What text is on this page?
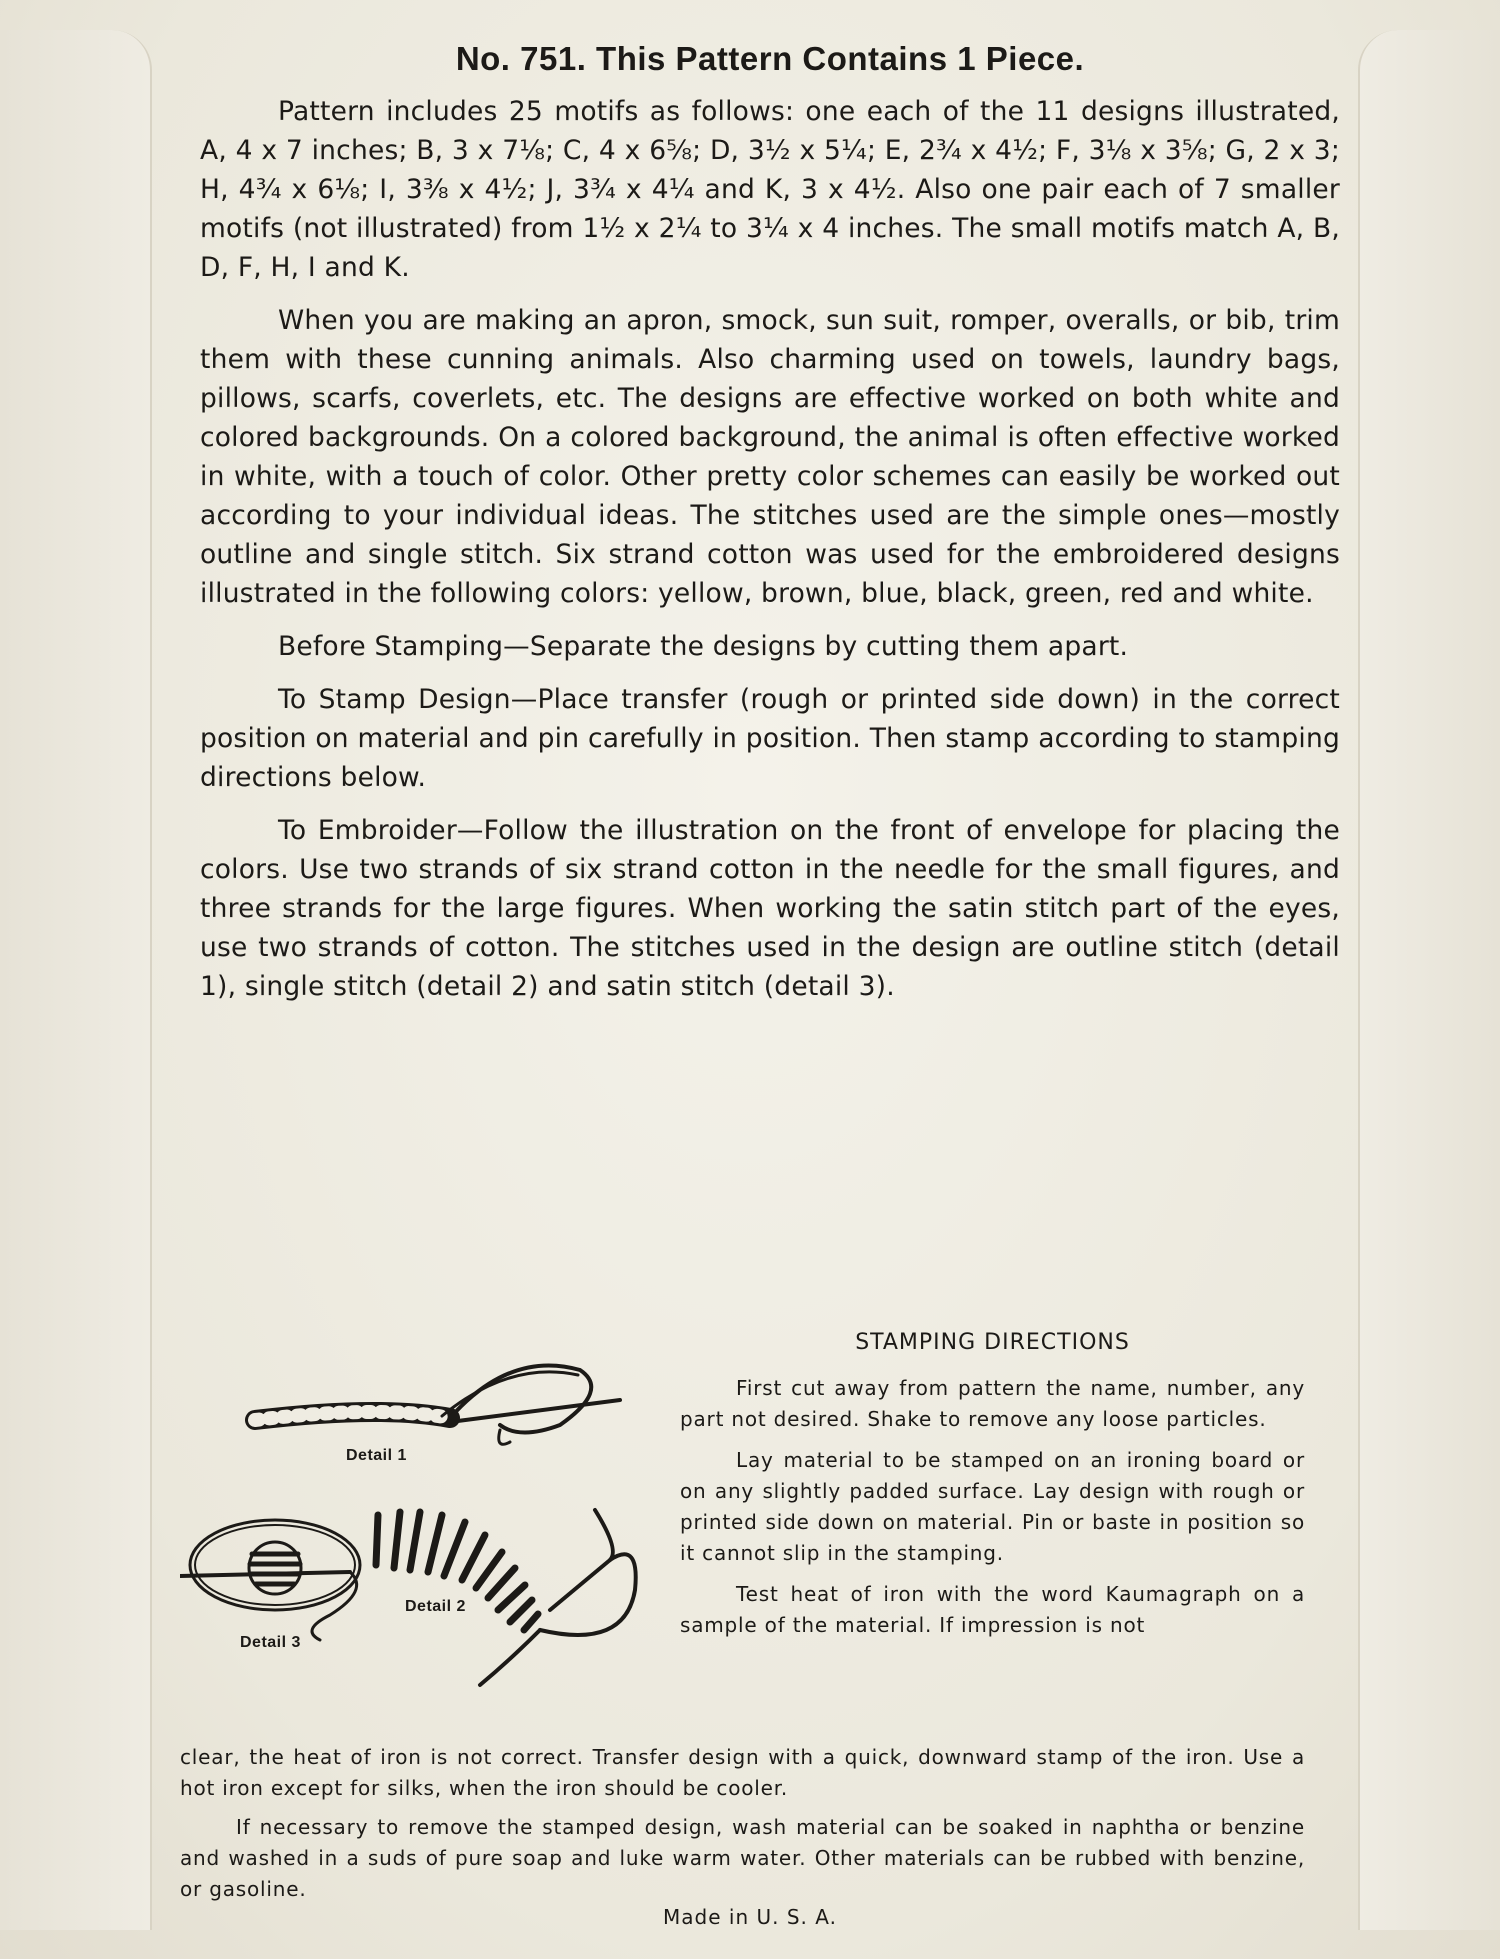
No. 751. This Pattern Contains 1 Piece.

Pattern includes 25 motifs as follows: one each of the 11 designs illustrated, A, 4 x 7 inches; B, 3 x 7⅛; C, 4 x 6⅝; D, 3½ x 5¼; E, 2¾ x 4½; F, 3⅛ x 3⅝; G, 2 x 3; H, 4¾ x 6⅛; I, 3⅜ x 4½; J, 3¾ x 4¼ and K, 3 x 4½. Also one pair each of 7 smaller motifs (not illustrated) from 1½ x 2¼ to 3¼ x 4 inches. The small motifs match A, B, D, F, H, I and K.

When you are making an apron, smock, sun suit, romper, overalls, or bib, trim them with these cunning animals. Also charming used on towels, laundry bags, pillows, scarfs, coverlets, etc. The designs are effective worked on both white and colored backgrounds. On a colored background, the animal is often effective worked in white, with a touch of color. Other pretty color schemes can easily be worked out according to your individual ideas. The stitches used are the simple ones—mostly outline and single stitch. Six strand cotton was used for the embroidered designs illustrated in the following colors: yellow, brown, blue, black, green, red and white.

Before Stamping—Separate the designs by cutting them apart.

To Stamp Design—Place transfer (rough or printed side down) in the correct position on material and pin carefully in position. Then stamp according to stamping directions below.

To Embroider—Follow the illustration on the front of envelope for placing the colors. Use two strands of six strand cotton in the needle for the small figures, and three strands for the large figures. When working the satin stitch part of the eyes, use two strands of cotton. The stitches used in the design are outline stitch (detail 1), single stitch (detail 2) and satin stitch (detail 3).

Detail 1
Detail 2
Detail 3
STAMPING DIRECTIONS

First cut away from pattern the name, number, any part not desired. Shake to remove any loose particles.

Lay material to be stamped on an ironing board or on any slightly padded surface. Lay design with rough or printed side down on material. Pin or baste in position so it cannot slip in the stamping.

Test heat of iron with the word Kaumagraph on a sample of the material. If impression is not

clear, the heat of iron is not correct. Transfer design with a quick, downward stamp of the iron. Use a hot iron except for silks, when the iron should be cooler.

If necessary to remove the stamped design, wash material can be soaked in naphtha or benzine and washed in a suds of pure soap and luke warm water. Other materials can be rubbed with benzine, or gasoline.

Made in U. S. A.
